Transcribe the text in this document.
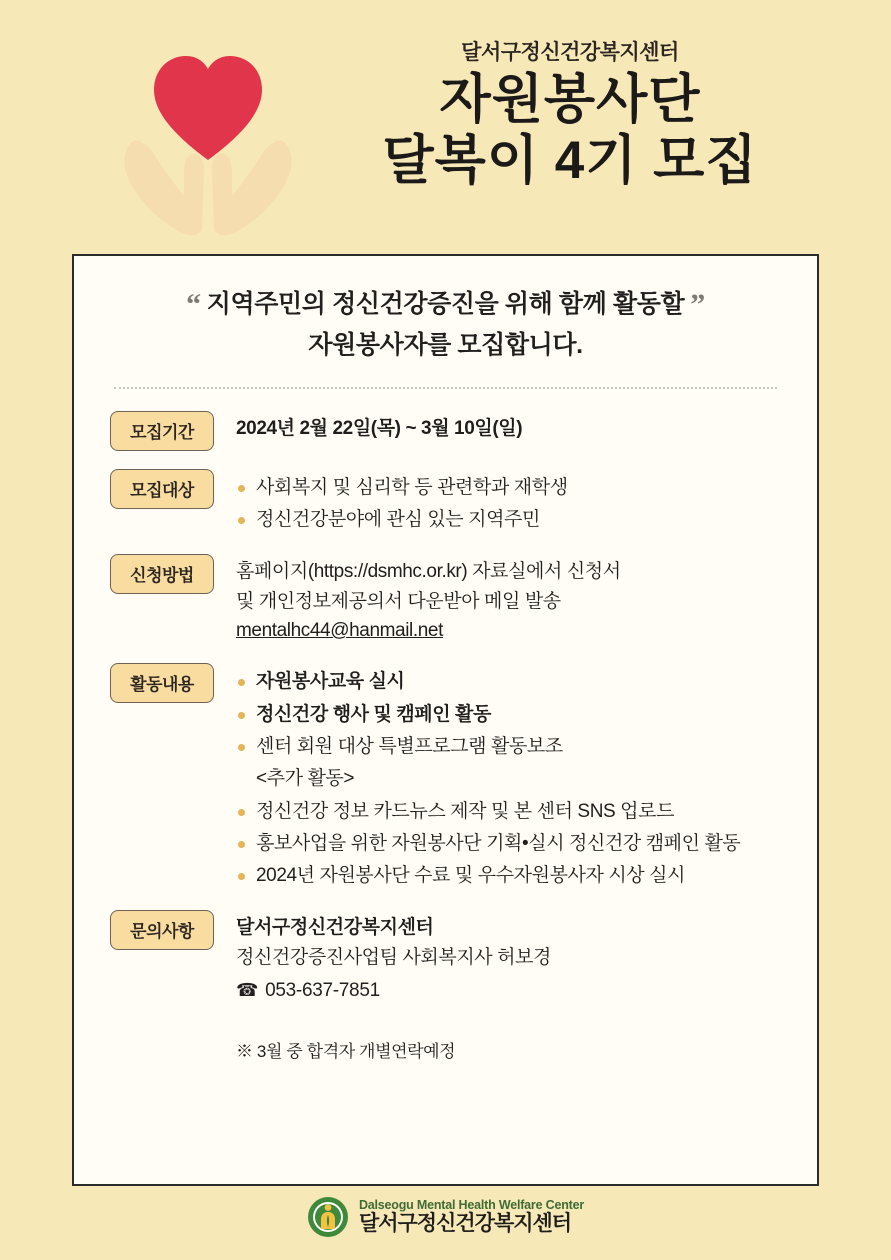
달서구정신건강복지센터
자원봉사단
달복이 4기 모집
“ 지역주민의 정신건강증진을 위해 함께 활동할 ”
자원봉사자를 모집합니다.
모집기간	2024년 2월 22일(목) ~ 3월 10일(일)
모집대상	사회복지 및 심리학 등 관련학과 재학생
정신건강분야에 관심 있는 지역주민
신청방법	홈페이지(https://dsmhc.or.kr) 자료실에서 신청서
및 개인정보제공의서 다운받아 메일 발송
mentalhc44@hanmail.net
활동내용	자원봉사교육 실시
정신건강 행사 및 캠페인 활동
센터 회원 대상 특별프로그램 활동보조
<추가 활동>
정신건강 정보 카드뉴스 제작 및 본 센터 SNS 업로드
홍보사업을 위한 자원봉사단 기획•실시 정신건강 캠페인 활동
2024년 자원봉사단 수료 및 우수자원봉사자 시상 실시
문의사항	달서구정신건강복지센터
정신건강증진사업팀 사회복지사 허보경
☎ 053-637-7851
※ 3월 중 합격자 개별연락예정
Dalseogu Mental Health Welfare Center
달서구정신건강복지센터
